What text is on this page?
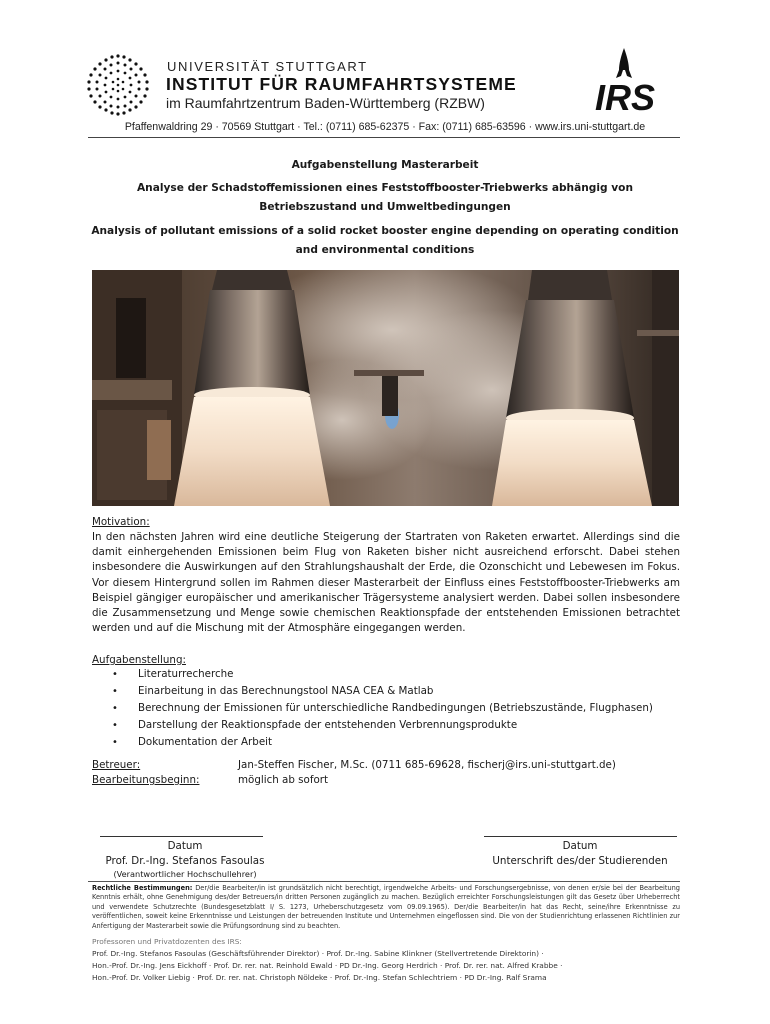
UNIVERSITÄT STUTTGART
INSTITUT FÜR RAUMFAHRTSYSTEME
im Raumfahrtzentrum Baden-Württemberg (RZBW)	IRS
Pfaffenwaldring 29 · 70569 Stuttgart · Tel.: (0711) 685-62375 · Fax: (0711) 685-63596 · www.irs.uni-stuttgart.de
Aufgabenstellung Masterarbeit
Analyse der Schadstoffemissionen eines Feststoffbooster-Triebwerks abhängig von Betriebszustand und Umweltbedingungen
Analysis of pollutant emissions of a solid rocket booster engine depending on operating condition and environmental conditions
Motivation:
In den nächsten Jahren wird eine deutliche Steigerung der Startraten von Raketen erwartet. Allerdings sind die damit einhergehenden Emissionen beim Flug von Raketen bisher nicht ausreichend erforscht. Dabei stehen insbesondere die Auswirkungen auf den Strahlungshaushalt der Erde, die Ozonschicht und Lebewesen im Fokus. Vor diesem Hintergrund sollen im Rahmen dieser Masterarbeit der Einfluss eines Feststoffbooster-Triebwerks am Beispiel gängiger europäischer und amerikanischer Trägersysteme analysiert werden. Dabei sollen insbesondere die Zusammensetzung und Menge sowie chemischen Reaktionspfade der entstehenden Emissionen betrachtet werden und auf die Mischung mit der Atmosphäre eingegangen werden.
Aufgabenstellung:
• Literaturrecherche
• Einarbeitung in das Berechnungstool NASA CEA & Matlab
• Berechnung der Emissionen für unterschiedliche Randbedingungen (Betriebszustände, Flugphasen)
• Darstellung der Reaktionspfade der entstehenden Verbrennungsprodukte
• Dokumentation der Arbeit
Betreuer:	Jan-Steffen Fischer, M.Sc. (0711 685-69628, fischerj@irs.uni-stuttgart.de)
Bearbeitungsbeginn:	möglich ab sofort
Datum
Prof. Dr.-Ing. Stefanos Fasoulas
(Verantwortlicher Hochschullehrer)
Datum
Unterschrift des/der Studierenden
Rechtliche Bestimmungen: Der/die Bearbeiter/in ist grundsätzlich nicht berechtigt, irgendwelche Arbeits- und Forschungsergebnisse, von denen er/sie bei der Bearbeitung Kenntnis erhält, ohne Genehmigung des/der Betreuers/in dritten Personen zugänglich zu machen. Bezüglich erreichter Forschungsleistungen gilt das Gesetz über Urheberrecht und verwendete Schutzrechte (Bundesgesetzblatt I/ S. 1273, Urheberschutzgesetz vom 09.09.1965). Der/die Bearbeiter/in hat das Recht, seine/ihre Erkenntnisse zu veröffentlichen, soweit keine Erkenntnisse und Leistungen der betreuenden Institute und Unternehmen eingeflossen sind. Die von der Studienrichtung erlassenen Richtlinien zur Anfertigung der Masterarbeit sowie die Prüfungsordnung sind zu beachten.
Professoren und Privatdozenten des IRS:
Prof. Dr.-Ing. Stefanos Fasoulas (Geschäftsführender Direktor) · Prof. Dr.-Ing. Sabine Klinkner (Stellvertretende Direktorin) ·
Hon.-Prof. Dr.-Ing. Jens Eickhoff · Prof. Dr. rer. nat. Reinhold Ewald · PD Dr.-Ing. Georg Herdrich · Prof. Dr. rer. nat. Alfred Krabbe ·
Hon.-Prof. Dr. Volker Liebig · Prof. Dr. rer. nat. Christoph Nöldeke · Prof. Dr.-Ing. Stefan Schlechtriem · PD Dr.-Ing. Ralf Srama
